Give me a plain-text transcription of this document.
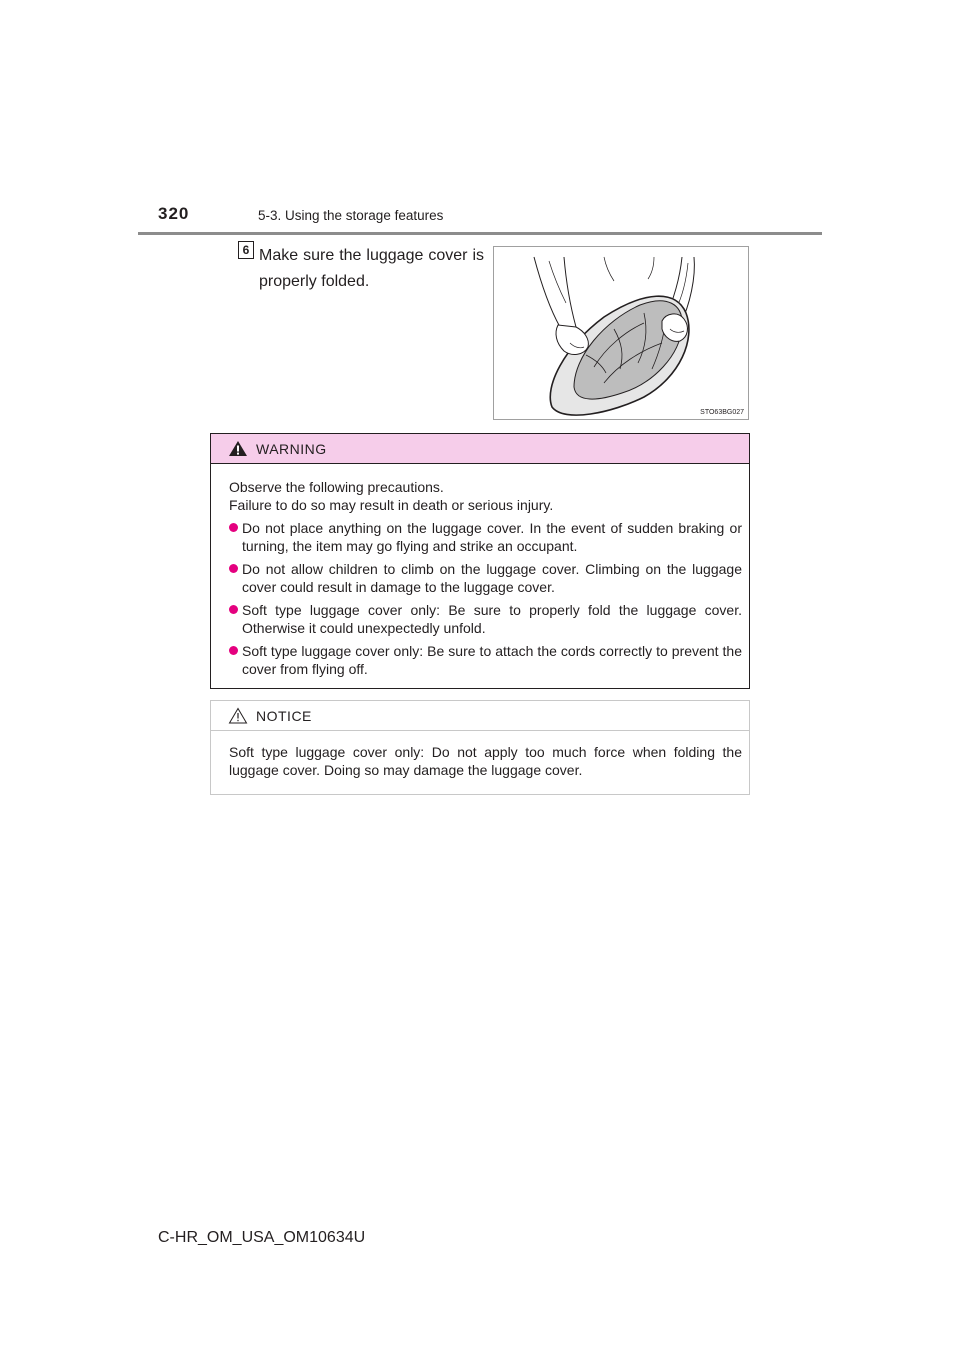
320	5-3. Using the storage features
6 Make sure the luggage cover is properly folded.
STO63BG027
WARNING

Observe the following precautions.

Failure to do so may result in death or serious injury.

Do not place anything on the luggage cover. In the event of sudden braking or turning, the item may go flying and strike an occupant.
Do not allow children to climb on the luggage cover. Climbing on the luggage cover could result in damage to the luggage cover.
Soft type luggage cover only: Be sure to properly fold the luggage cover. Otherwise it could unexpectedly unfold.
Soft type luggage cover only: Be sure to attach the cords correctly to prevent the cover from flying off.
NOTICE
Soft type luggage cover only: Do not apply too much force when folding the luggage cover. Doing so may damage the luggage cover.
C-HR_OM_USA_OM10634U
